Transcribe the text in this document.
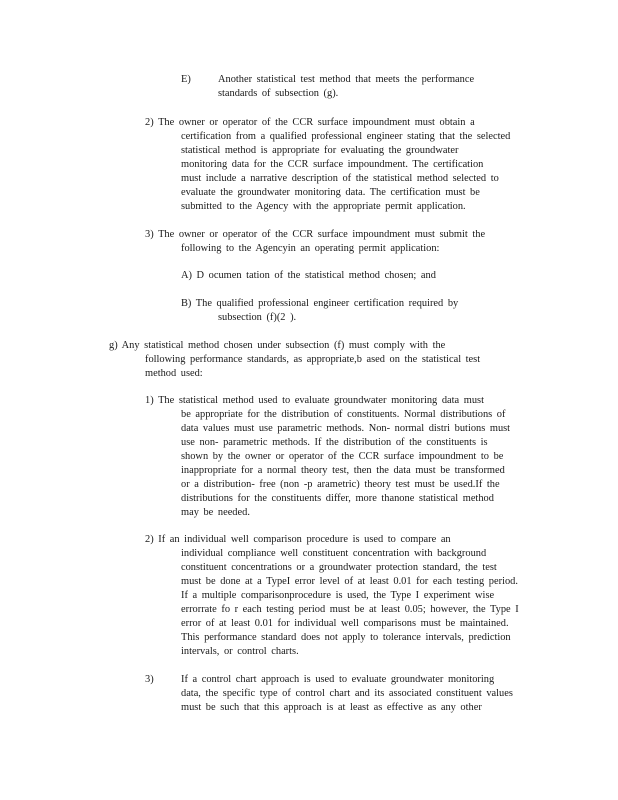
E)	Another statistical test method that meets the performance
standards of subsection (g).
2) The owner or operator of the CCR surface impoundment must obtain a
certification from a qualified professional engineer stating that the selected
statistical method is appropriate for evaluating the groundwater
monitoring data for the CCR surface impoundment. The certification
must include a narrative description of the statistical method selected to
evaluate the groundwater monitoring data. The certification must be
submitted to the Agency with the appropriate permit application.
3) The owner or operator of the CCR surface impoundment must submit the
following to the Agencyin an operating permit application:
A) D ocumen tation of the statistical method chosen; and
B) The qualified professional engineer certification required by
subsection (f)(2 ).
g) Any statistical method chosen under subsection (f) must comply with the
following performance standards, as appropriate,b ased on the statistical test
method used:
1) The statistical method used to evaluate groundwater monitoring data must
be appropriate for the distribution of constituents. Normal distributions of
data values must use parametric methods. Non- normal distri butions must
use non- parametric methods. If the distribution of the constituents is
shown by the owner or operator of the CCR surface impoundment to be
inappropriate for a normal theory test, then the data must be transformed
or a distribution- free (non -p arametric) theory test must be used.If the
distributions for the constituents differ, more thanone statistical method
may be needed.
2) If an individual well comparison procedure is used to compare an
individual compliance well constituent concentration with background
constituent concentrations or a groundwater protection standard, the test
must be done at a TypeI error level of at least 0.01 for each testing period.
If a multiple comparisonprocedure is used, the Type I experiment wise
errorrate fo r each testing period must be at least 0.05; however, the Type I
error of at least 0.01 for individual well comparisons must be maintained.
This performance standard does not apply to tolerance intervals, prediction
intervals, or control charts.
3)	If a control chart approach is used to evaluate groundwater monitoring
data, the specific type of control chart and its associated constituent values
must be such that this approach is at least as effective as any other
